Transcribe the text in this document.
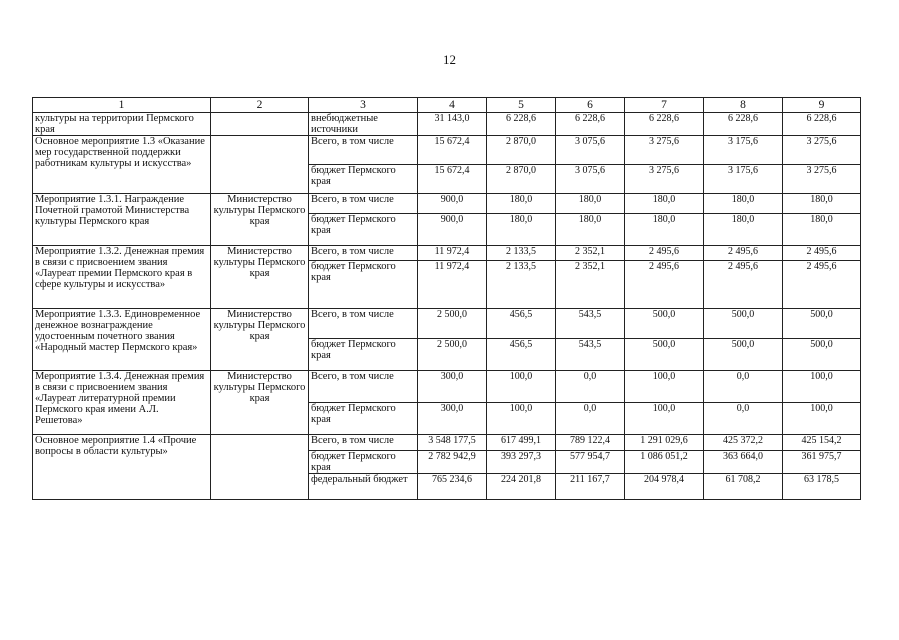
12
1	2	3	4	5	6	7	8	9
культуры на территории Пермского края		внебюджетные источники	31 143,0	6 228,6	6 228,6	6 228,6	6 228,6	6 228,6
Основное мероприятие 1.3 «Оказание мер государственной поддержки работникам культуры и искусства»		Всего, в том числе	15 672,4	2 870,0	3 075,6	3 275,6	3 175,6	3 275,6
		бюджет Пермского края	15 672,4	2 870,0	3 075,6	3 275,6	3 175,6	3 275,6
Мероприятие 1.3.1. Награждение Почетной грамотой Министерства культуры Пермского края	Министерство культуры Пермского края	Всего, в том числе	900,0	180,0	180,0	180,0	180,0	180,0
		бюджет Пермского края	900,0	180,0	180,0	180,0	180,0	180,0
Мероприятие 1.3.2. Денежная премия в связи с присвоением звания «Лауреат премии Пермского края в сфере культуры и искусства»	Министерство культуры Пермского края	Всего, в том числе	11 972,4	2 133,5	2 352,1	2 495,6	2 495,6	2 495,6
		бюджет Пермского края	11 972,4	2 133,5	2 352,1	2 495,6	2 495,6	2 495,6
Мероприятие 1.3.3. Единовременное денежное вознаграждение удостоенным почетного звания «Народный мастер Пермского края»	Министерство культуры Пермского края	Всего, в том числе	2 500,0	456,5	543,5	500,0	500,0	500,0
		бюджет Пермского края	2 500,0	456,5	543,5	500,0	500,0	500,0
Мероприятие 1.3.4. Денежная премия в связи с присвоением звания «Лауреат литературной премии Пермского края имени А.Л. Решетова»	Министерство культуры Пермского края	Всего, в том числе	300,0	100,0	0,0	100,0	0,0	100,0
		бюджет Пермского края	300,0	100,0	0,0	100,0	0,0	100,0
Основное мероприятие 1.4 «Прочие вопросы в области культуры»		Всего, в том числе	3 548 177,5	617 499,1	789 122,4	1 291 029,6	425 372,2	425 154,2
		бюджет Пермского края	2 782 942,9	393 297,3	577 954,7	1 086 051,2	363 664,0	361 975,7
		федеральный бюджет	765 234,6	224 201,8	211 167,7	204 978,4	61 708,2	63 178,5
